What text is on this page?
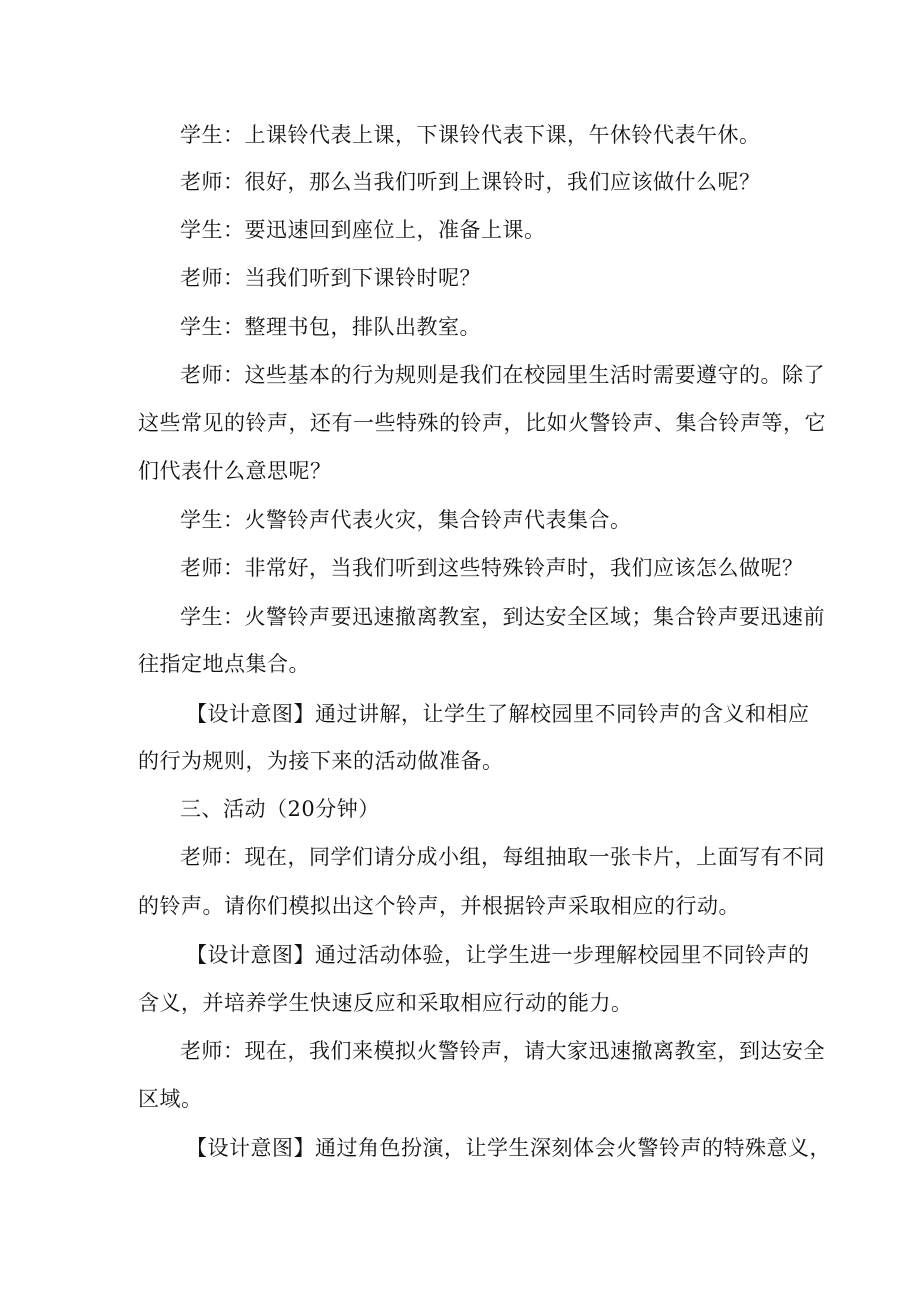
学生：上课铃代表上课，下课铃代表下课，午休铃代表午休。
老师：很好，那么当我们听到上课铃时，我们应该做什么呢？
学生：要迅速回到座位上，准备上课。
老师：当我们听到下课铃时呢？
学生：整理书包，排队出教室。
老师：这些基本的行为规则是我们在校园里生活时需要遵守的。除了
这些常见的铃声，还有一些特殊的铃声，比如火警铃声、集合铃声等，它
们代表什么意思呢？
学生：火警铃声代表火灾，集合铃声代表集合。
老师：非常好，当我们听到这些特殊铃声时，我们应该怎么做呢？
学生：火警铃声要迅速撤离教室，到达安全区域；集合铃声要迅速前
往指定地点集合。
【设计意图】通过讲解，让学生了解校园里不同铃声的含义和相应
的行为规则，为接下来的活动做准备。
三、活动（20分钟）
老师：现在，同学们请分成小组，每组抽取一张卡片，上面写有不同
的铃声。请你们模拟出这个铃声，并根据铃声采取相应的行动。
【设计意图】通过活动体验，让学生进一步理解校园里不同铃声的
含义，并培养学生快速反应和采取相应行动的能力。
老师：现在，我们来模拟火警铃声，请大家迅速撤离教室，到达安全
区域。
【设计意图】通过角色扮演，让学生深刻体会火警铃声的特殊意义，
